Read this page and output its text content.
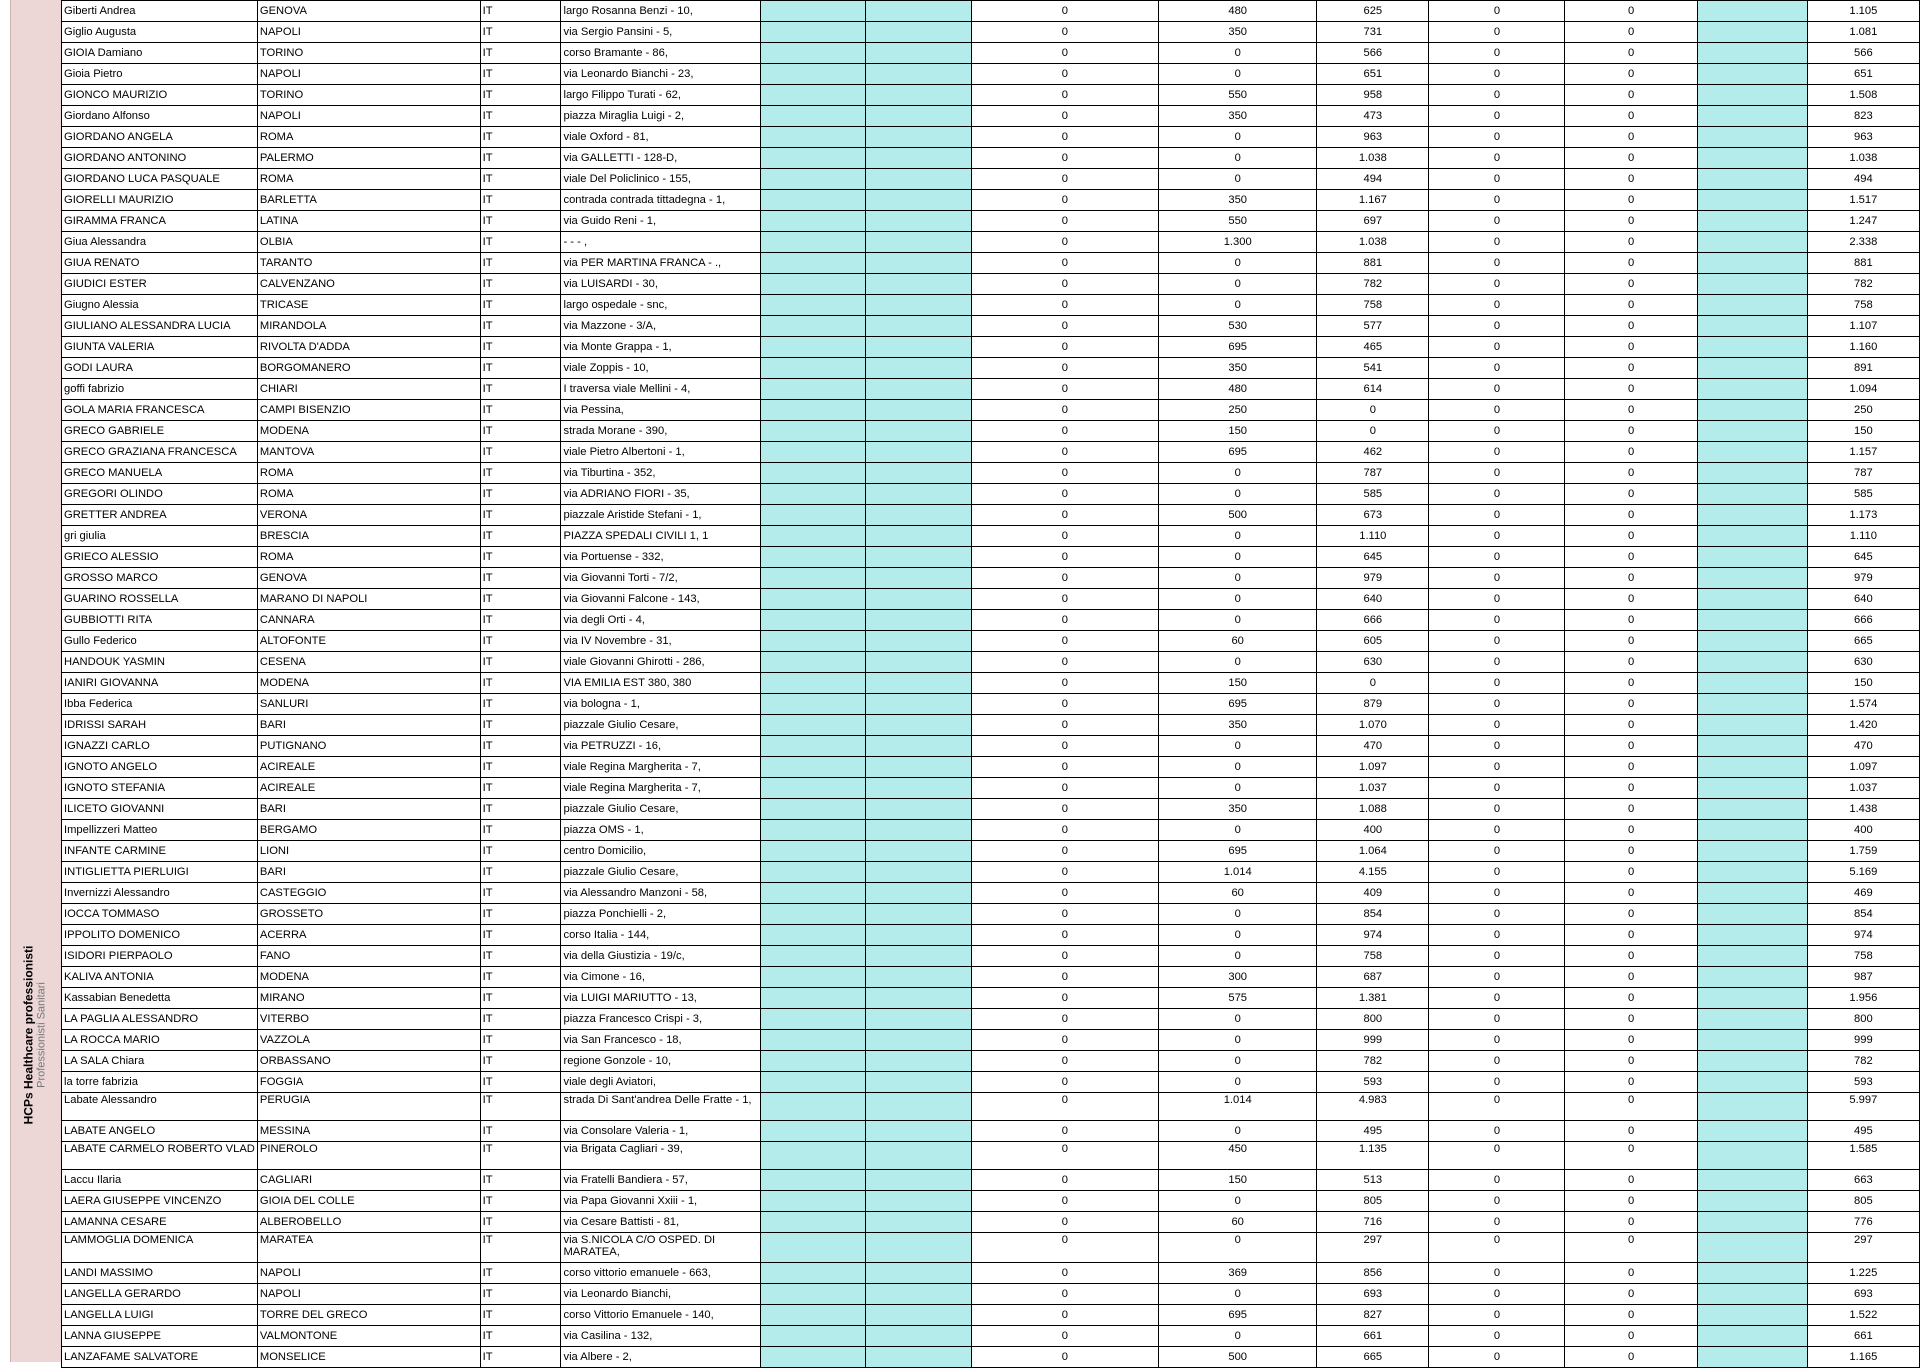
HCPs Healthcare professionisti Professionisti Sanitari
Giberti Andrea	GENOVA	IT	largo Rosanna Benzi - 10,			0	480	625	0	0		1.105
Giglio Augusta	NAPOLI	IT	via Sergio Pansini - 5,			0	350	731	0	0		1.081
GIOIA Damiano	TORINO	IT	corso Bramante - 86,			0	0	566	0	0		566
Gioia Pietro	NAPOLI	IT	via Leonardo Bianchi - 23,			0	0	651	0	0		651
GIONCO MAURIZIO	TORINO	IT	largo Filippo Turati - 62,			0	550	958	0	0		1.508
Giordano Alfonso	NAPOLI	IT	piazza Miraglia Luigi - 2,			0	350	473	0	0		823
GIORDANO ANGELA	ROMA	IT	viale Oxford - 81,			0	0	963	0	0		963
GIORDANO ANTONINO	PALERMO	IT	via GALLETTI - 128-D,			0	0	1.038	0	0		1.038
GIORDANO LUCA PASQUALE	ROMA	IT	viale Del Policlinico - 155,			0	0	494	0	0		494
GIORELLI MAURIZIO	BARLETTA	IT	contrada contrada tittadegna - 1,			0	350	1.167	0	0		1.517
GIRAMMA FRANCA	LATINA	IT	via Guido Reni - 1,			0	550	697	0	0		1.247
Giua Alessandra	OLBIA	IT	- - - ,			0	1.300	1.038	0	0		2.338
GIUA RENATO	TARANTO	IT	via PER MARTINA FRANCA - .,			0	0	881	0	0		881
GIUDICI ESTER	CALVENZANO	IT	via LUISARDI - 30,			0	0	782	0	0		782
Giugno Alessia	TRICASE	IT	largo ospedale - snc,			0	0	758	0	0		758
GIULIANO ALESSANDRA LUCIA	MIRANDOLA	IT	via Mazzone - 3/A,			0	530	577	0	0		1.107
GIUNTA VALERIA	RIVOLTA D'ADDA	IT	via Monte Grappa - 1,			0	695	465	0	0		1.160
GODI LAURA	BORGOMANERO	IT	viale Zoppis - 10,			0	350	541	0	0		891
goffi fabrizio	CHIARI	IT	I traversa viale Mellini - 4,			0	480	614	0	0		1.094
GOLA MARIA FRANCESCA	CAMPI BISENZIO	IT	via Pessina,			0	250	0	0	0		250
GRECO GABRIELE	MODENA	IT	strada Morane - 390,			0	150	0	0	0		150
GRECO GRAZIANA FRANCESCA	MANTOVA	IT	viale Pietro Albertoni - 1,			0	695	462	0	0		1.157
GRECO MANUELA	ROMA	IT	via Tiburtina - 352,			0	0	787	0	0		787
GREGORI OLINDO	ROMA	IT	via ADRIANO FIORI - 35,			0	0	585	0	0		585
GRETTER ANDREA	VERONA	IT	piazzale Aristide Stefani - 1,			0	500	673	0	0		1.173
gri giulia	BRESCIA	IT	PIAZZA SPEDALI CIVILI 1, 1			0	0	1.110	0	0		1.110
GRIECO ALESSIO	ROMA	IT	via Portuense - 332,			0	0	645	0	0		645
GROSSO MARCO	GENOVA	IT	via Giovanni Torti - 7/2,			0	0	979	0	0		979
GUARINO ROSSELLA	MARANO DI NAPOLI	IT	via Giovanni Falcone - 143,			0	0	640	0	0		640
GUBBIOTTI RITA	CANNARA	IT	via degli Orti - 4,			0	0	666	0	0		666
Gullo Federico	ALTOFONTE	IT	via IV Novembre - 31,			0	60	605	0	0		665
HANDOUK YASMIN	CESENA	IT	viale Giovanni Ghirotti - 286,			0	0	630	0	0		630
IANIRI GIOVANNA	MODENA	IT	VIA EMILIA EST 380, 380			0	150	0	0	0		150
Ibba Federica	SANLURI	IT	via bologna - 1,			0	695	879	0	0		1.574
IDRISSI SARAH	BARI	IT	piazzale Giulio Cesare,			0	350	1.070	0	0		1.420
IGNAZZI CARLO	PUTIGNANO	IT	via PETRUZZI - 16,			0	0	470	0	0		470
IGNOTO ANGELO	ACIREALE	IT	viale Regina Margherita - 7,			0	0	1.097	0	0		1.097
IGNOTO STEFANIA	ACIREALE	IT	viale Regina Margherita - 7,			0	0	1.037	0	0		1.037
ILICETO GIOVANNI	BARI	IT	piazzale Giulio Cesare,			0	350	1.088	0	0		1.438
Impellizzeri Matteo	BERGAMO	IT	piazza OMS - 1,			0	0	400	0	0		400
INFANTE CARMINE	LIONI	IT	centro Domicilio,			0	695	1.064	0	0		1.759
INTIGLIETTA PIERLUIGI	BARI	IT	piazzale Giulio Cesare,			0	1.014	4.155	0	0		5.169
Invernizzi Alessandro	CASTEGGIO	IT	via Alessandro Manzoni - 58,			0	60	409	0	0		469
IOCCA TOMMASO	GROSSETO	IT	piazza Ponchielli - 2,			0	0	854	0	0		854
IPPOLITO DOMENICO	ACERRA	IT	corso Italia - 144,			0	0	974	0	0		974
ISIDORI PIERPAOLO	FANO	IT	via della Giustizia - 19/c,			0	0	758	0	0		758
KALIVA ANTONIA	MODENA	IT	via Cimone - 16,			0	300	687	0	0		987
Kassabian Benedetta	MIRANO	IT	via LUIGI MARIUTTO - 13,			0	575	1.381	0	0		1.956
LA PAGLIA ALESSANDRO	VITERBO	IT	piazza Francesco Crispi - 3,			0	0	800	0	0		800
LA ROCCA MARIO	VAZZOLA	IT	via San Francesco - 18,			0	0	999	0	0		999
LA SALA Chiara	ORBASSANO	IT	regione Gonzole - 10,			0	0	782	0	0		782
la torre fabrizia	FOGGIA	IT	viale degli Aviatori,			0	0	593	0	0		593
Labate Alessandro	PERUGIA	IT	strada Di Sant'andrea Delle Fratte - 1,			0	1.014	4.983	0	0		5.997
LABATE ANGELO	MESSINA	IT	via Consolare Valeria - 1,			0	0	495	0	0		495
LABATE CARMELO ROBERTO VLAD	PINEROLO	IT	via Brigata Cagliari - 39,			0	450	1.135	0	0		1.585
Laccu Ilaria	CAGLIARI	IT	via Fratelli Bandiera - 57,			0	150	513	0	0		663
LAERA GIUSEPPE VINCENZO	GIOIA DEL COLLE	IT	via Papa Giovanni Xxiii - 1,			0	0	805	0	0		805
LAMANNA CESARE	ALBEROBELLO	IT	via Cesare Battisti - 81,			0	60	716	0	0		776
LAMMOGLIA DOMENICA	MARATEA	IT	via S.NICOLA C/O OSPED. DI MARATEA,			0	0	297	0	0		297
LANDI MASSIMO	NAPOLI	IT	corso vittorio emanuele - 663,			0	369	856	0	0		1.225
LANGELLA GERARDO	NAPOLI	IT	via Leonardo Bianchi,			0	0	693	0	0		693
LANGELLA LUIGI	TORRE DEL GRECO	IT	corso Vittorio Emanuele - 140,			0	695	827	0	0		1.522
LANNA GIUSEPPE	VALMONTONE	IT	via Casilina - 132,			0	0	661	0	0		661
LANZAFAME SALVATORE	MONSELICE	IT	via Albere - 2,			0	500	665	0	0		1.165
